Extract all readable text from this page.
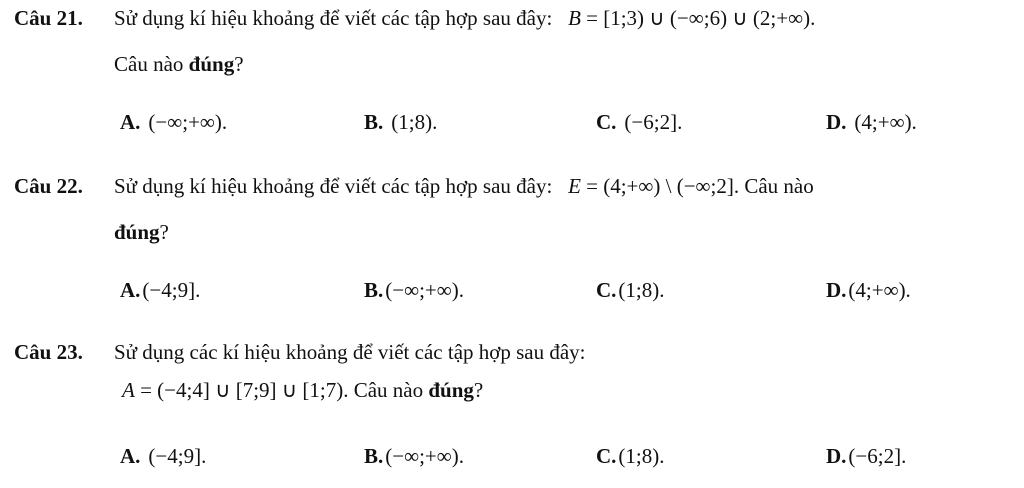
Câu 21. Sử dụng kí hiệu khoảng để viết các tập hợp sau đây: B = [1;3) ∪ (−∞;6) ∪ (2;+∞).
Câu nào đúng?
A. (−∞;+∞).	B. (1;8).	C. (−6;2].	D. (4;+∞).
Câu 22. Sử dụng kí hiệu khoảng để viết các tập hợp sau đây: E = (4;+∞) \ (−∞;2]. Câu nào
đúng?
A.(−4;9].	B.(−∞;+∞).	C.(1;8).	D.(4;+∞).
Câu 23. Sử dụng các kí hiệu khoảng để viết các tập hợp sau đây:
A = (−4;4] ∪ [7;9] ∪ [1;7). Câu nào đúng?
A. (−4;9].	B.(−∞;+∞).	C.(1;8).	D.(−6;2].
